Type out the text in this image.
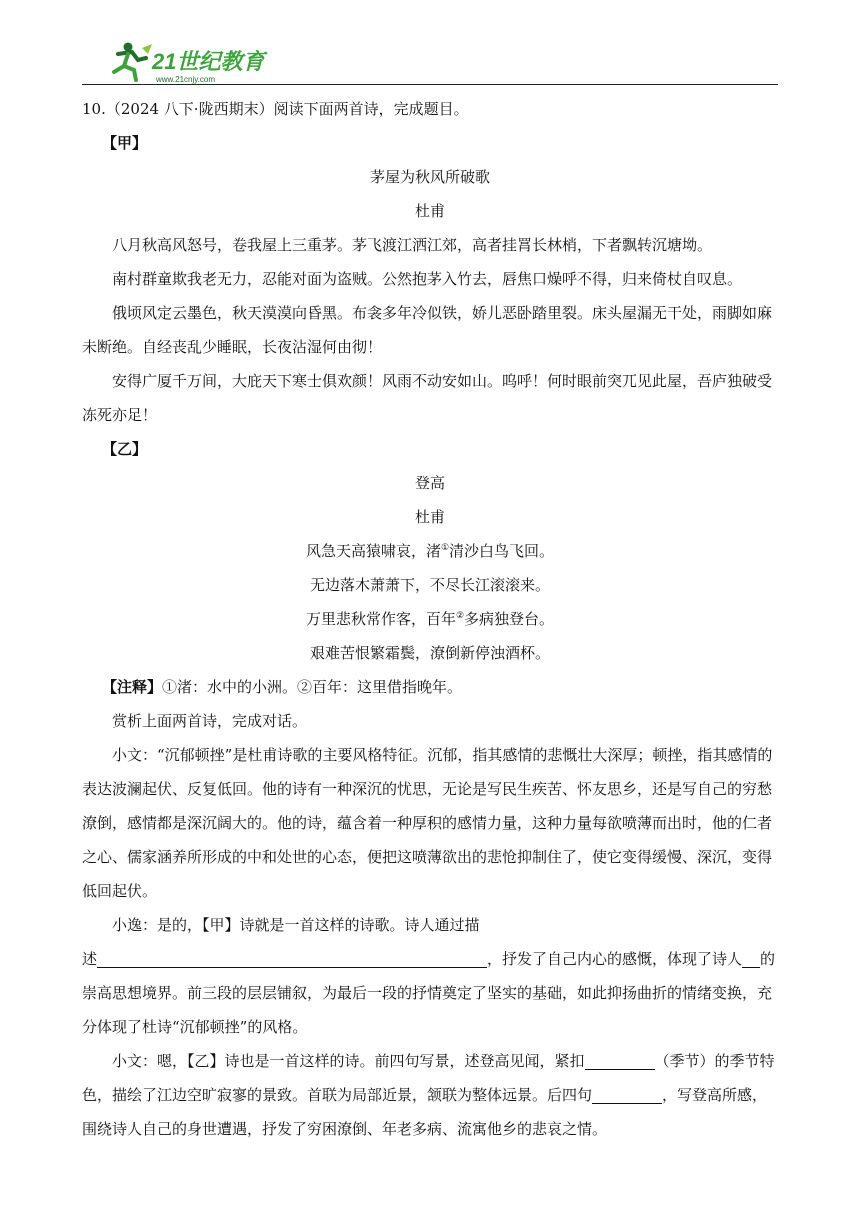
21世纪教育
www.21cnjy.com

10.（2024 八下·陇西期末）阅读下面两首诗，完成题目。

【甲】

茅屋为秋风所破歌

杜甫

八月秋高风怒号，卷我屋上三重茅。茅飞渡江洒江郊，高者挂罥长林梢，下者飘转沉塘坳。

南村群童欺我老无力，忍能对面为盗贼。公然抱茅入竹去，唇焦口燥呼不得，归来倚杖自叹息。

俄顷风定云墨色，秋天漠漠向昏黑。布衾多年冷似铁，娇儿恶卧踏里裂。床头屋漏无干处，雨脚如麻未断绝。自经丧乱少睡眠，长夜沾湿何由彻！

安得广厦千万间，大庇天下寒士俱欢颜！风雨不动安如山。呜呼！何时眼前突兀见此屋，吾庐独破受冻死亦足！

【乙】

登高

杜甫

风急天高猿啸哀，渚①清沙白鸟飞回。

无边落木萧萧下，不尽长江滚滚来。

万里悲秋常作客，百年②多病独登台。

艰难苦恨繁霜鬓，潦倒新停浊酒杯。

【注释】①渚：水中的小洲。②百年：这里借指晚年。

赏析上面两首诗，完成对话。

小文：“沉郁顿挫”是杜甫诗歌的主要风格特征。沉郁，指其感情的悲慨壮大深厚；顿挫，指其感情的表达波澜起伏、反复低回。他的诗有一种深沉的忧思，无论是写民生疾苦、怀友思乡，还是写自己的穷愁潦倒，感情都是深沉阔大的。他的诗，蕴含着一种厚积的感情力量，这种力量每欲喷薄而出时，他的仁者之心、儒家涵养所形成的中和处世的心态，便把这喷薄欲出的悲怆抑制住了，使它变得缓慢、深沉，变得低回起伏。

小逸：是的，【甲】诗就是一首这样的诗歌。诗人通过描

述	，抒发了自己内心的感慨，体现了诗人 的崇高思想境界。前三段的层层铺叙，为最后一段的抒情奠定了坚实的基础，如此抑扬曲折的情绪变换，充分体现了杜诗“沉郁顿挫”的风格。

小文：嗯，【乙】诗也是一首这样的诗。前四句写景，述登高见闻，紧扣	（季节）的季节特色，描绘了江边空旷寂寥的景致。首联为局部近景，颔联为整体远景。后四句	，写登高所感，围绕诗人自己的身世遭遇，抒发了穷困潦倒、年老多病、流寓他乡的悲哀之情。
